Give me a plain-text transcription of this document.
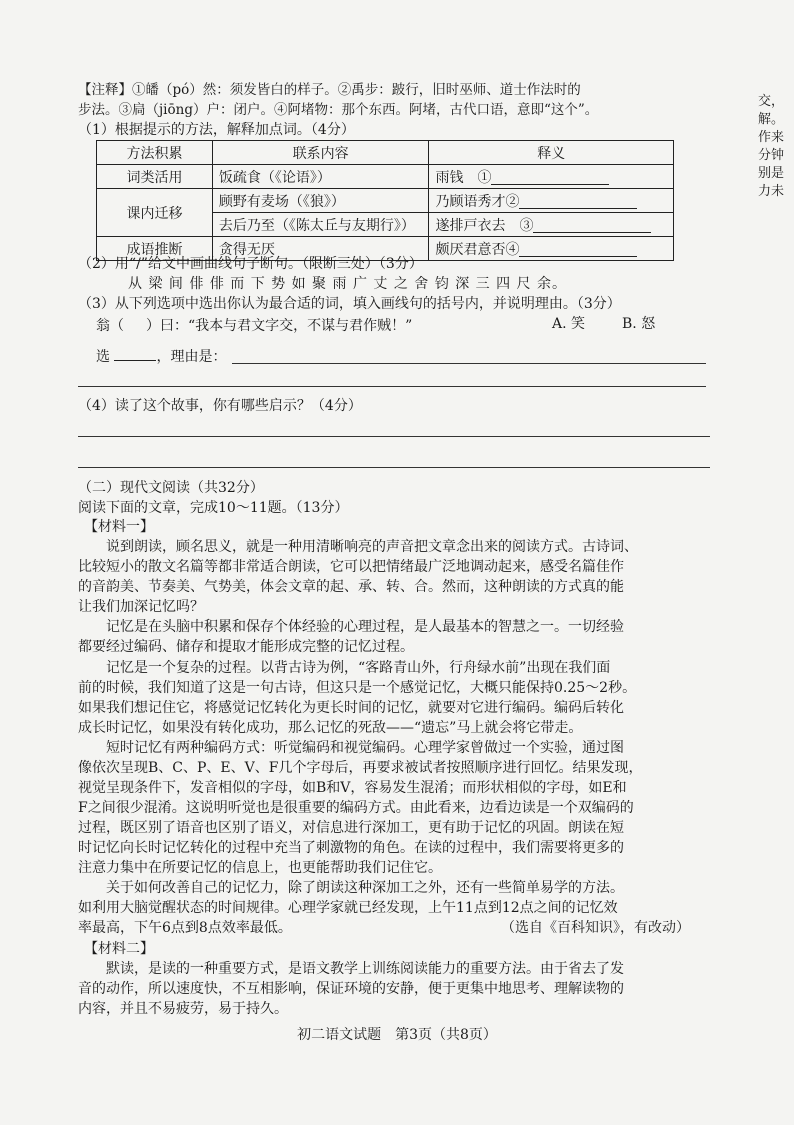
【注释】①皤（pó）然：须发皆白的样子。②禹步：跛行，旧时巫师、道士作法时的
步法。③扃（jiōng）户：闭户。④阿堵物：那个东西。阿堵，古代口语，意即“这个”。
（1）根据提示的方法，解释加点词。（4分）
方法积累	联系内容	释义
词类活用	饭疏食（《论语》）	雨钱　 ①
课内迁移	顾野有麦场（《狼》）	乃顾语秀才②
	去后乃至（《陈太丘与友期行》）	遂排戸衣去　 ③
成语推断	贪得无厌	颇厌君意否④
（2）用“/”给文中画曲线句子断句。（限断三处）（3分）
从 梁 间 俳 俳 而 下 势 如 聚 雨 广 丈 之 舍 钧 深 三 四 尺 余。
（3）从下列选项中选出你认为最合适的词，填入画线句的括号内，并说明理由。（3分）
翁（ ）曰：“我本与君文字交，不谋与君作贼！”	A. 笑	B. 怒
选	，理由是：
（4）读了这个故事，你有哪些启示？（4分）
（二）现代文阅读（共32分）
阅读下面的文章，完成10～11题。（13分）
【材料一】
说到朗读，顾名思义，就是一种用清晰响亮的声音把文章念出来的阅读方式。古诗词、
比较短小的散文名篇等都非常适合朗读，它可以把情绪最广泛地调动起来，感受名篇佳作
的音韵美、节奏美、气势美，体会文章的起、承、转、合。然而，这种朗读的方式真的能
让我们加深记忆吗？
记忆是在头脑中积累和保存个体经验的心理过程，是人最基本的智慧之一。一切经验
都要经过编码、储存和提取才能形成完整的记忆过程。
记忆是一个复杂的过程。以背古诗为例，“客路青山外，行舟绿水前”出现在我们面
前的时候，我们知道了这是一句古诗，但这只是一个感觉记忆，大概只能保持0.25～2秒。
如果我们想记住它，将感觉记忆转化为更长时间的记忆，就要对它进行编码。编码后转化
成长时记忆，如果没有转化成功，那么记忆的死敌——“遗忘”马上就会将它带走。
短时记忆有两种编码方式：听觉编码和视觉编码。心理学家曾做过一个实验，通过图
像依次呈现B、C、P、E、V、F几个字母后，再要求被试者按照顺序进行回忆。结果发现，
视觉呈现条件下，发音相似的字母，如B和V，容易发生混淆；而形状相似的字母，如E和
F之间很少混淆。这说明听觉也是很重要的编码方式。由此看来，边看边读是一个双编码的
过程，既区别了语音也区别了语义，对信息进行深加工，更有助于记忆的巩固。朗读在短
时记忆向长时记忆转化的过程中充当了刺激物的角色。在读的过程中，我们需要将更多的
注意力集中在所要记忆的信息上，也更能帮助我们记住它。
关于如何改善自己的记忆力，除了朗读这种深加工之外，还有一些简单易学的方法。
如利用大脑觉醒状态的时间规律。心理学家就已经发现，上午11点到12点之间的记忆效
率最高，下午6点到8点效率最低。	（选自《百科知识》，有改动）
【材料二】
默读，是读的一种重要方式，是语文教学上训练阅读能力的重要方法。由于省去了发
音的动作，所以速度快，不互相影响，保证环境的安静，便于更集中地思考、理解读物的
内容，并且不易疲劳，易于持久。
初二语文试题　第3页（共8页）
交，
解。
作来
分钟
别是
力未
